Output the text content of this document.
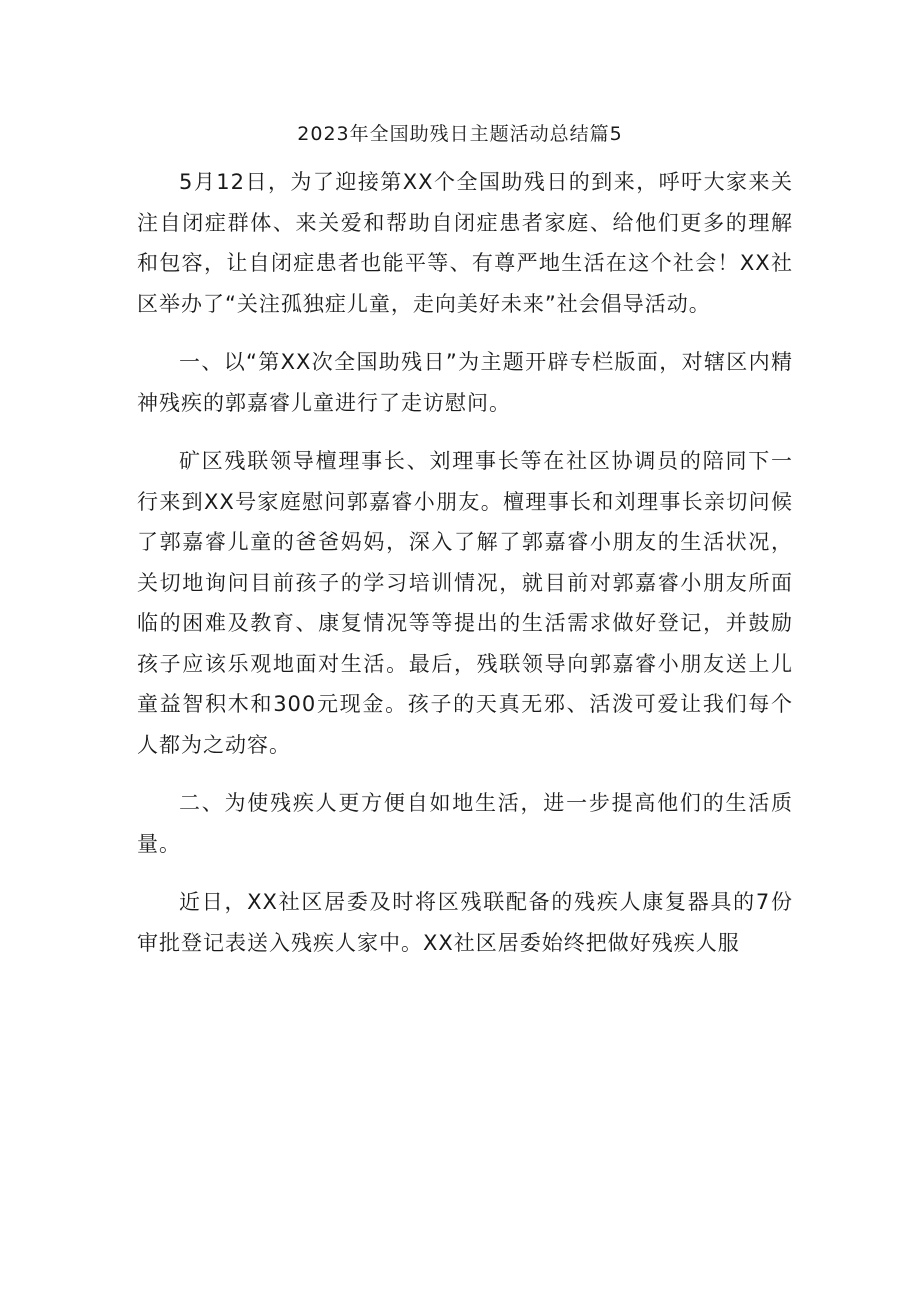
2023年全国助残日主题活动总结篇5

5月12日，为了迎接第XX个全国助残日的到来，呼吁大家来关注自闭症群体、来关爱和帮助自闭症患者家庭、给他们更多的理解和包容，让自闭症患者也能平等、有尊严地生活在这个社会！XX社区举办了“关注孤独症儿童，走向美好未来”社会倡导活动。

一、以“第XX次全国助残日”为主题开辟专栏版面，对辖区内精神残疾的郭嘉睿儿童进行了走访慰问。

矿区残联领导檀理事长、刘理事长等在社区协调员的陪同下一行来到XX号家庭慰问郭嘉睿小朋友。檀理事长和刘理事长亲切问候了郭嘉睿儿童的爸爸妈妈，深入了解了郭嘉睿小朋友的生活状况，关切地询问目前孩子的学习培训情况，就目前对郭嘉睿小朋友所面临的困难及教育、康复情况等等提出的生活需求做好登记，并鼓励孩子应该乐观地面对生活。最后，残联领导向郭嘉睿小朋友送上儿童益智积木和300元现金。孩子的天真无邪、活泼可爱让我们每个人都为之动容。

二、为使残疾人更方便自如地生活，进一步提高他们的生活质量。

近日，XX社区居委及时将区残联配备的残疾人康复器具的7份审批登记表送入残疾人家中。XX社区居委始终把做好残疾人服
